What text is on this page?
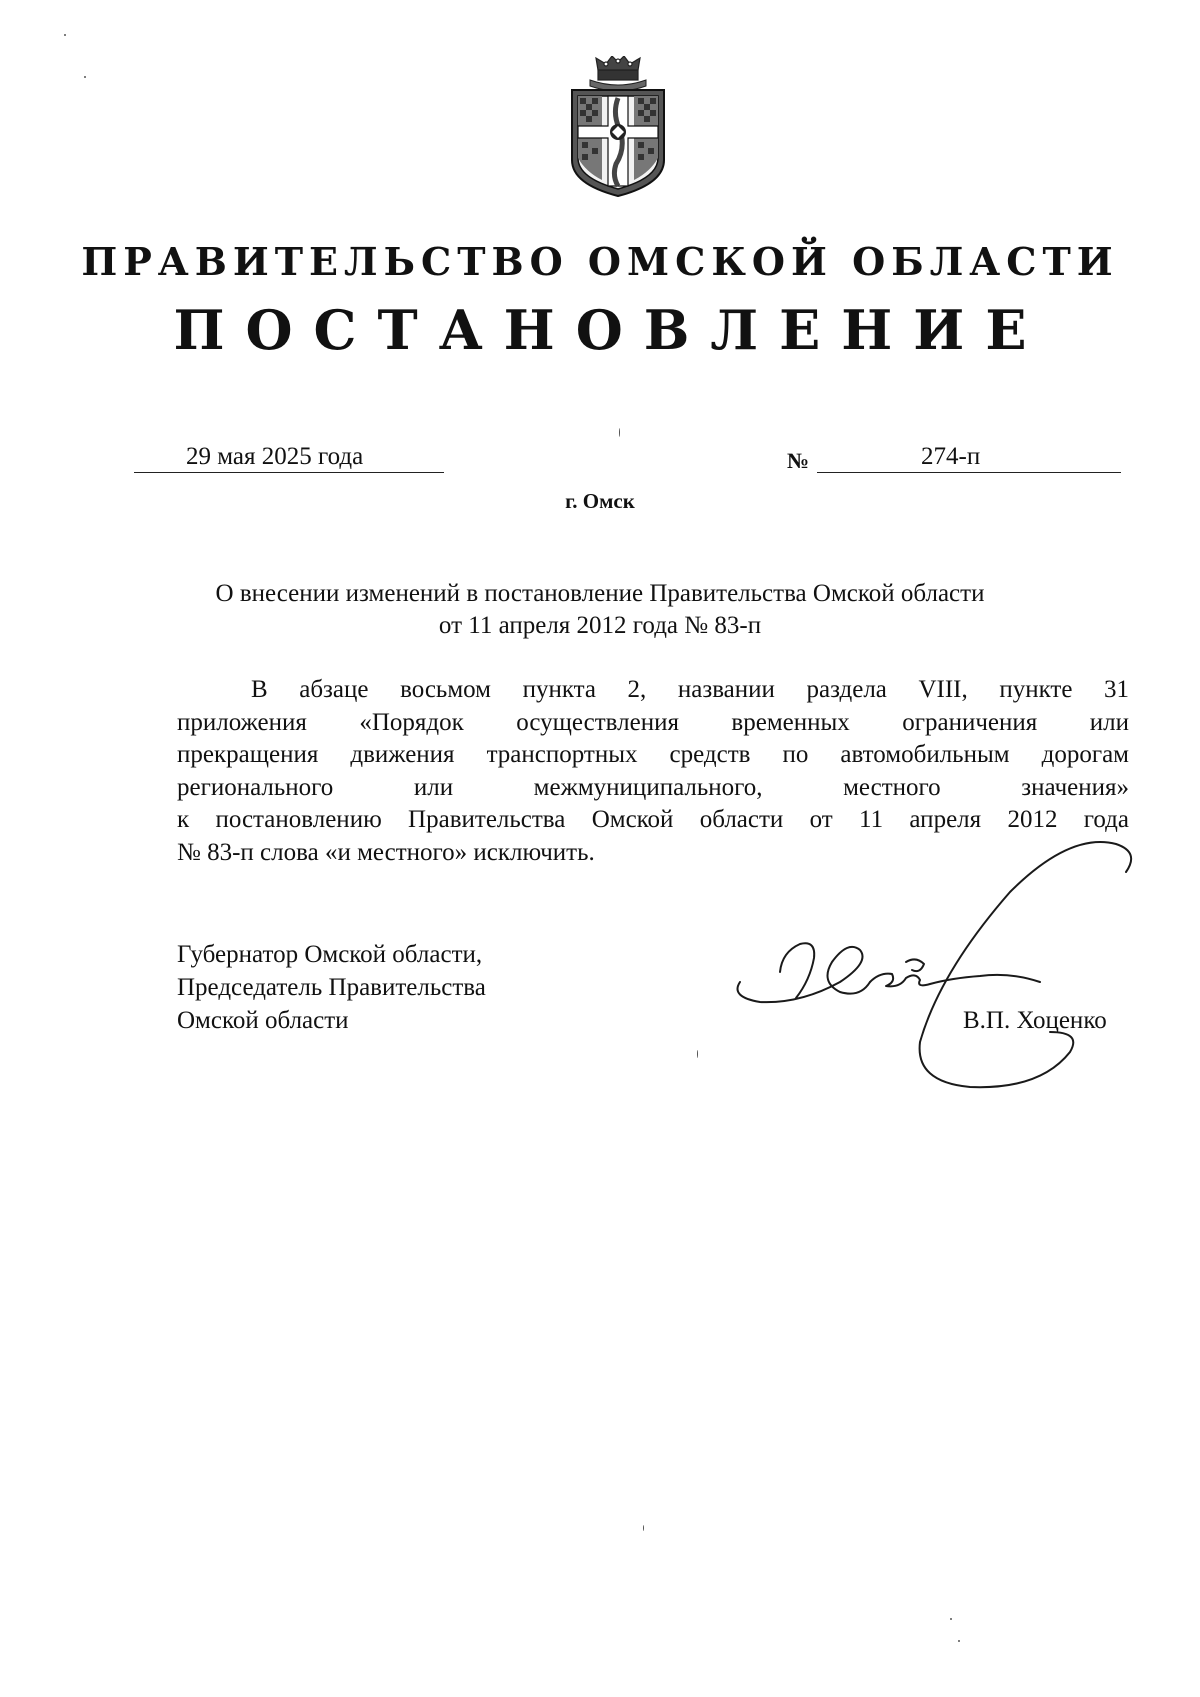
ПРАВИТЕЛЬСТВО ОМСКОЙ ОБЛАСТИ
ПОСТАНОВЛЕНИЕ
29 мая 2025 года	№	274-п
г. Омск
О внесении изменений в постановление Правительства Омской области
от 11 апреля 2012 года № 83-п
В абзаце восьмом пункта 2, названии раздела VIII, пункте 31
приложения «Порядок осуществления временных ограничения или
прекращения движения транспортных средств по автомобильным дорогам
регионального или межмуниципального, местного значения»
к постановлению Правительства Омской области от 11 апреля 2012 года
№ 83-п слова «и местного» исключить.
Губернатор Омской области,
Председатель Правительства
Омской области	В.П. Хоценко
